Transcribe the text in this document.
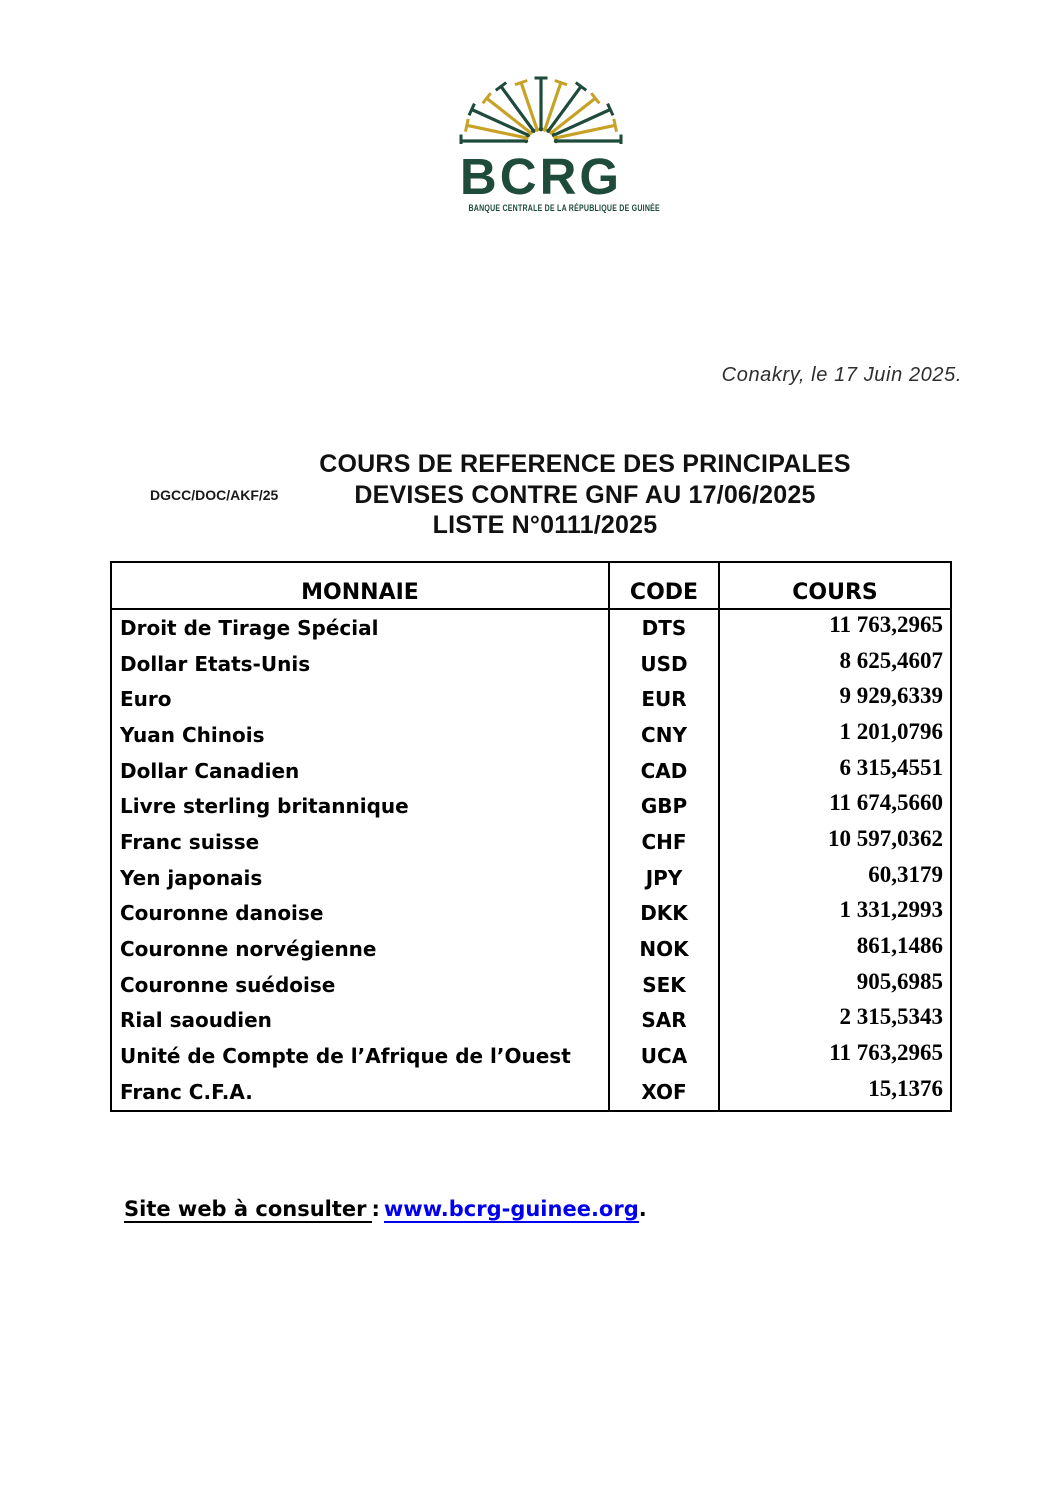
BCRG
BANQUE CENTRALE DE LA RÉPUBLIQUE DE GUINÉE
Conakry, le 17 Juin 2025.
DGCC/DOC/AKF/25
COURS DE REFERENCE DES PRINCIPALES
DEVISES CONTRE GNF AU 17/06/2025
LISTE N°0111/2025
MONNAIE	CODE	COURS
Droit de Tirage Spécial	DTS	11 763,2965
Dollar Etats-Unis	USD	8 625,4607
Euro	EUR	9 929,6339
Yuan Chinois	CNY	1 201,0796
Dollar Canadien	CAD	6 315,4551
Livre sterling britannique	GBP	11 674,5660
Franc suisse	CHF	10 597,0362
Yen japonais	JPY	60,3179
Couronne danoise	DKK	1 331,2993
Couronne norvégienne	NOK	861,1486
Couronne suédoise	SEK	905,6985
Rial saoudien	SAR	2 315,5343
Unité de Compte de l’Afrique de l’Ouest	UCA	11 763,2965
Franc C.F.A.	XOF	15,1376
Site web à consulter : www.bcrg-guinee.org.
